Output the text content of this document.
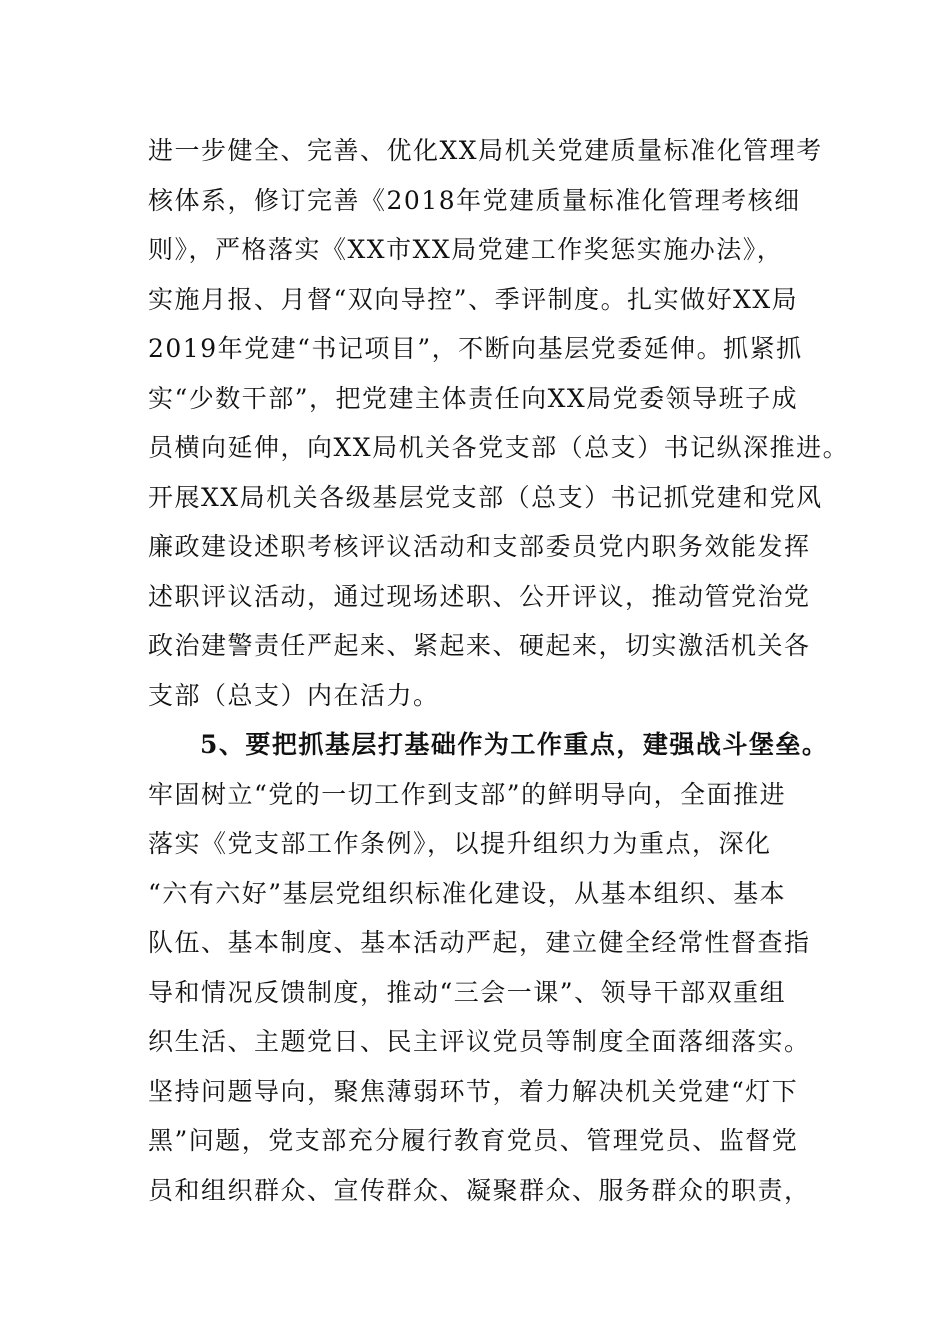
进一步健全、完善、优化XX局机关党建质量标准化管理考
核体系，修订完善《2018年党建质量标准化管理考核细
则》，严格落实《XX市XX局党建工作奖惩实施办法》，
实施月报、月督“双向导控”、季评制度。扎实做好XX局
2019年党建“书记项目”，不断向基层党委延伸。抓紧抓
实“少数干部”，把党建主体责任向XX局党委领导班子成
员横向延伸，向XX局机关各党支部（总支）书记纵深推进。
开展XX局机关各级基层党支部（总支）书记抓党建和党风
廉政建设述职考核评议活动和支部委员党内职务效能发挥
述职评议活动，通过现场述职、公开评议，推动管党治党
政治建警责任严起来、紧起来、硬起来，切实激活机关各
支部（总支）内在活力。
5、要把抓基层打基础作为工作重点，建强战斗堡垒。
牢固树立“党的一切工作到支部”的鲜明导向，全面推进
落实《党支部工作条例》，以提升组织力为重点，深化
“六有六好”基层党组织标准化建设，从基本组织、基本
队伍、基本制度、基本活动严起，建立健全经常性督查指
导和情况反馈制度，推动“三会一课”、领导干部双重组
织生活、主题党日、民主评议党员等制度全面落细落实。
坚持问题导向，聚焦薄弱环节，着力解决机关党建“灯下
黑”问题，党支部充分履行教育党员、管理党员、监督党
员和组织群众、宣传群众、凝聚群众、服务群众的职责，
